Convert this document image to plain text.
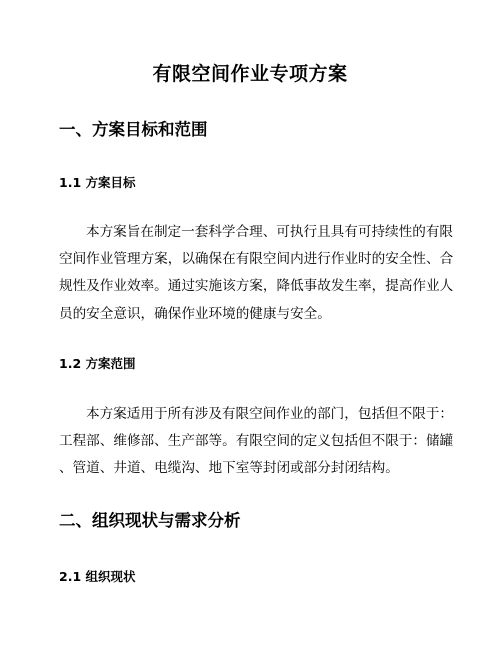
有限空间作业专项方案
一、方案目标和范围
1.1 方案目标

本方案旨在制定一套科学合理、可执行且具有可持续性的有限
空间作业管理方案，以确保在有限空间内进行作业时的安全性、合
规性及作业效率。通过实施该方案，降低事故发生率，提高作业人
员的安全意识，确保作业环境的健康与安全。

1.2 方案范围

本方案适用于所有涉及有限空间作业的部门，包括但不限于：
工程部、维修部、生产部等。有限空间的定义包括但不限于：储罐
、管道、井道、电缆沟、地下室等封闭或部分封闭结构。

二、组织现状与需求分析
2.1 组织现状
